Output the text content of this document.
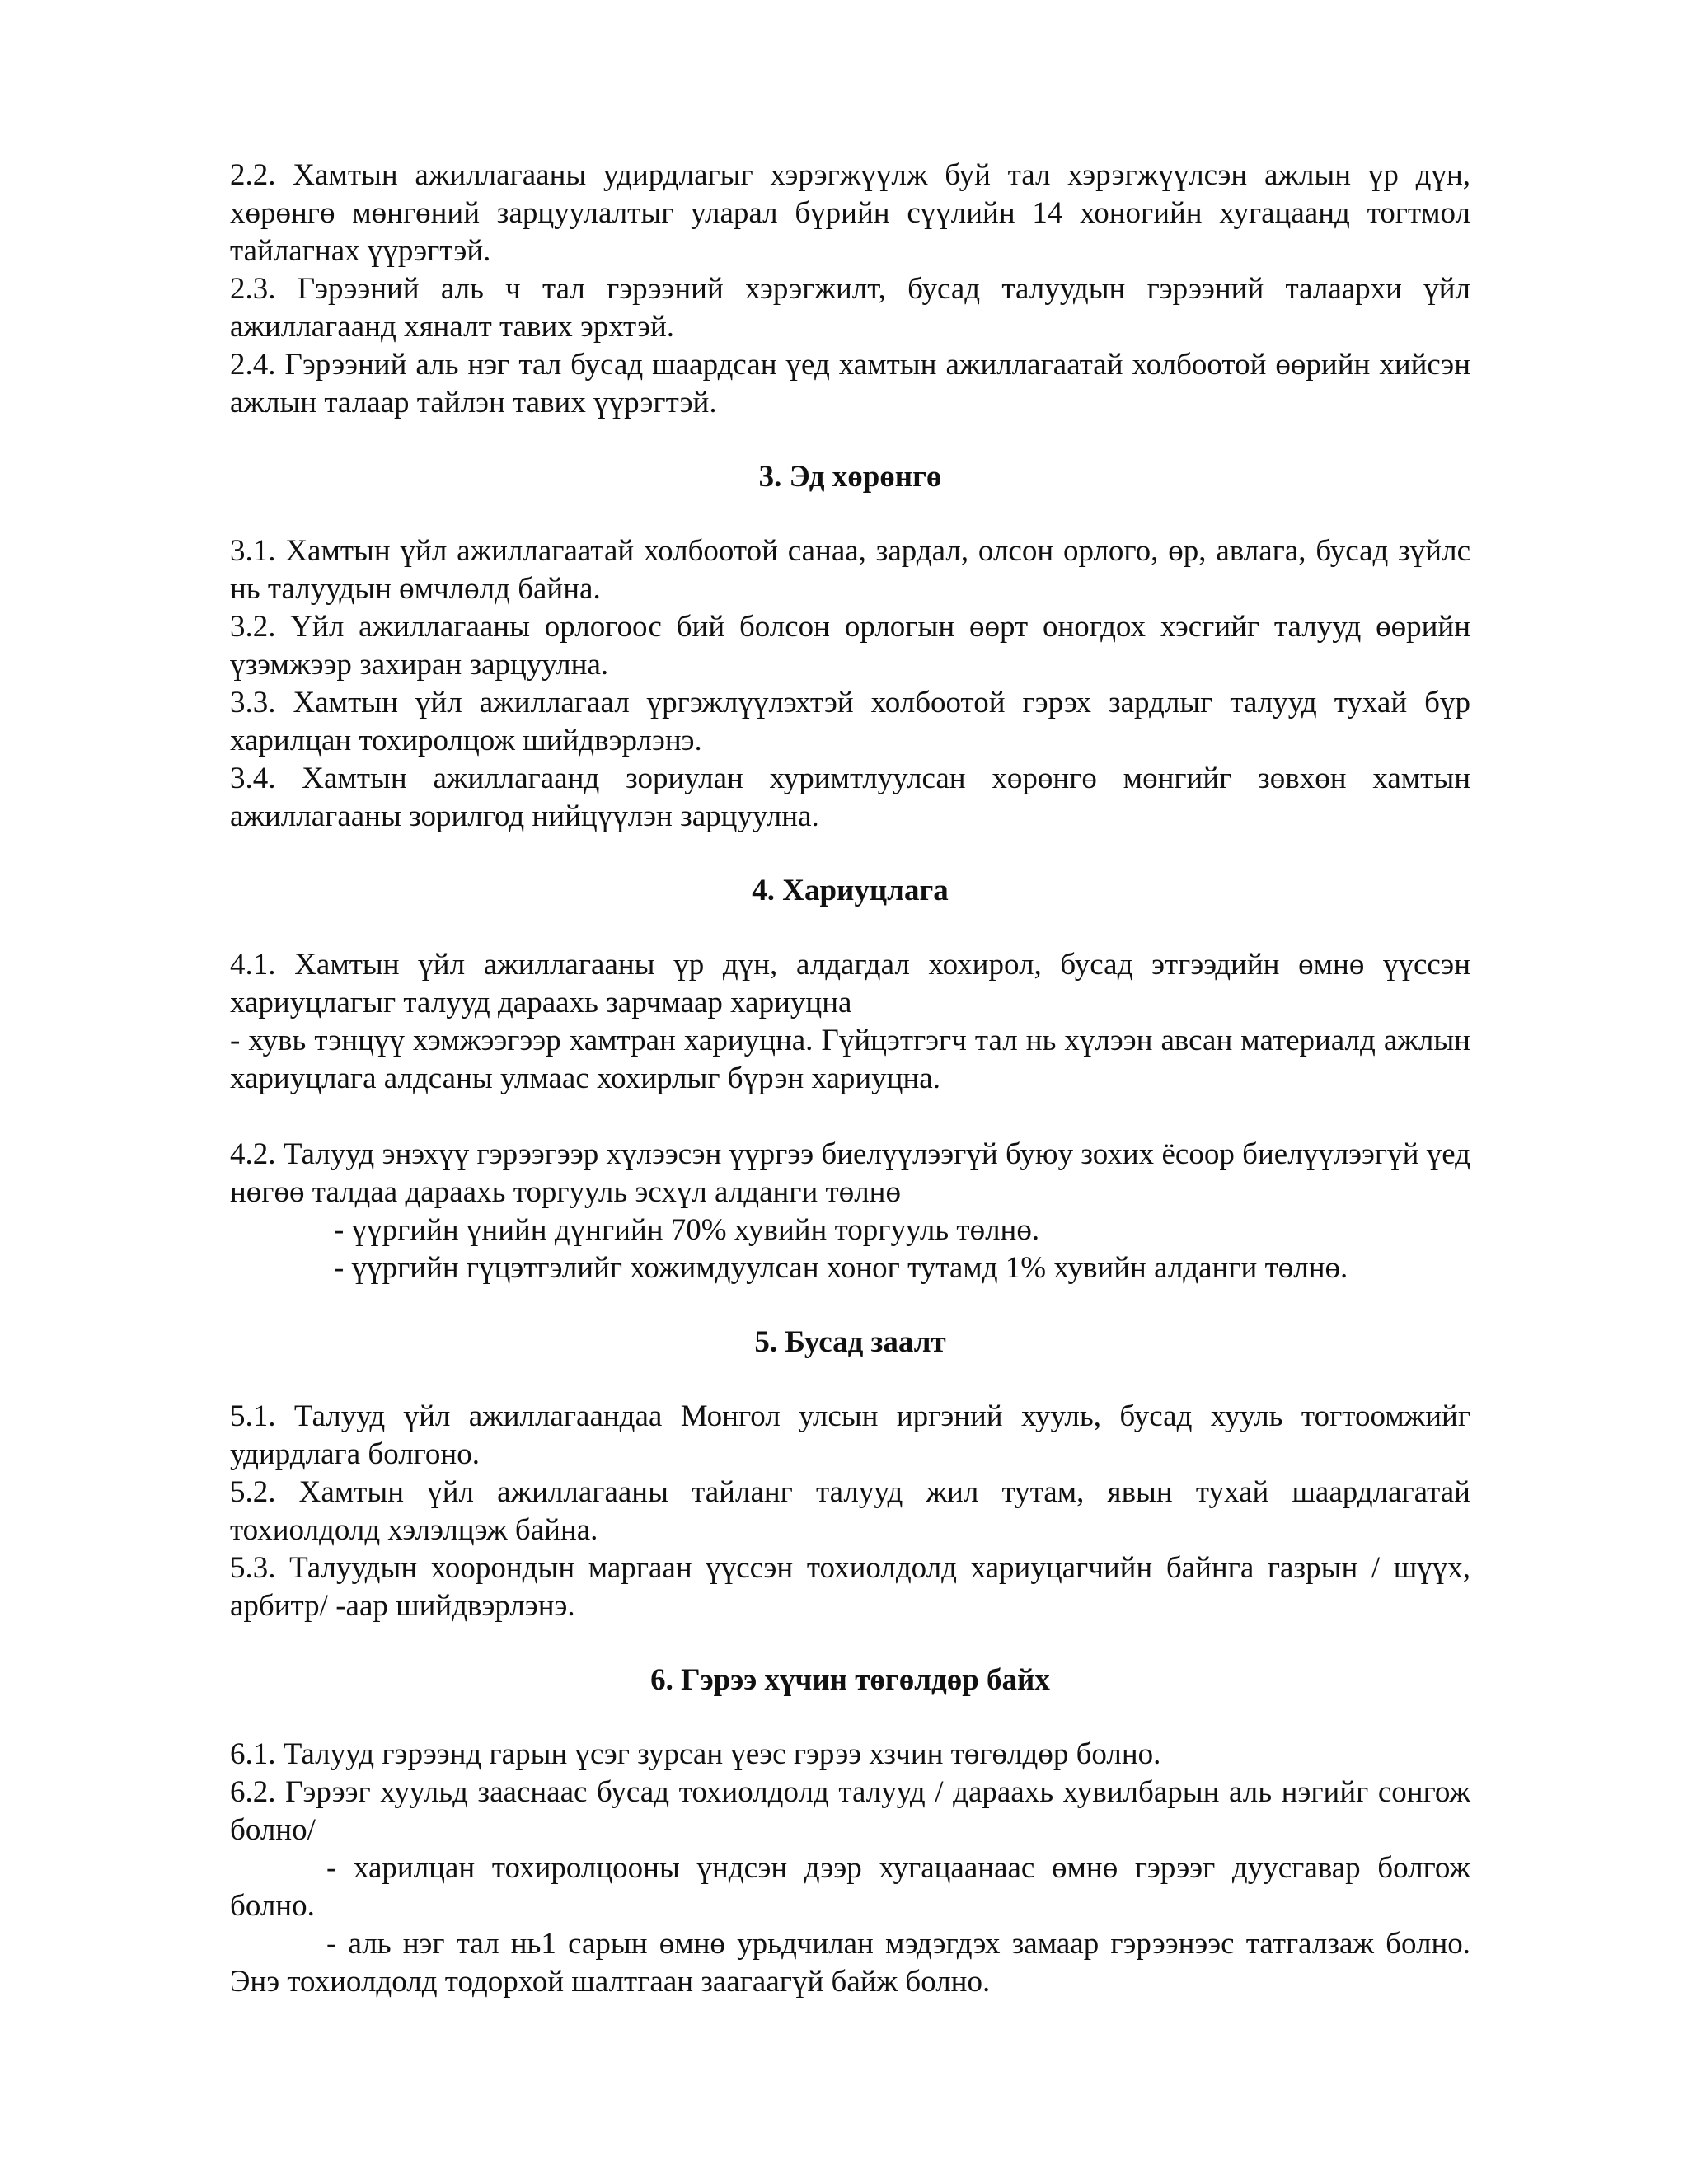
2.2. Хамтын ажиллагааны удирдлагыг хэрэгжүүлж буй тал хэрэгжүүлсэн ажлын үр дүн, хөрөнгө мөнгөний зарцуулалтыг уларал бүрийн сүүлийн 14 хоногийн хугацаанд тогтмол тайлагнах үүрэгтэй.

2.3. Гэрээний аль ч тал гэрээний хэрэгжилт, бусад талуудын гэрээний талаархи үйл ажиллагаанд хяналт тавих эрхтэй.

2.4. Гэрээний аль нэг тал бусад шаардсан үед хамтын ажиллагаатай холбоотой өөрийн хийсэн ажлын талаар тайлэн тавих үүрэгтэй.

3. Эд хөрөнгө

3.1. Хамтын үйл ажиллагаатай холбоотой санаа, зардал, олсон орлого, өр, авлага, бусад зүйлс нь талуудын өмчлөлд байна.

3.2. Үйл ажиллагааны орлогоос бий болсон орлогын өөрт оногдох хэсгийг талууд өөрийн үзэмжээр захиран зарцуулна.

3.3. Хамтын үйл ажиллагаал үргэжлүүлэхтэй холбоотой гэрэх зардлыг талууд тухай бүр харилцан тохиролцож шийдвэрлэнэ.

3.4. Хамтын ажиллагаанд зориулан хуримтлуулсан хөрөнгө мөнгийг зөвхөн хамтын ажиллагааны зорилгод нийцүүлэн зарцуулна.

4. Хариуцлага

4.1. Хамтын үйл ажиллагааны үр дүн, алдагдал хохирол, бусад этгээдийн өмнө үүссэн хариуцлагыг талууд дараахь зарчмаар хариуцна

- хувь тэнцүү хэмжээгээр хамтран хариуцна. Гүйцэтгэгч тал нь хүлээн авсан материалд ажлын хариуцлага алдсаны улмаас хохирлыг бүрэн хариуцна.

4.2. Талууд энэхүү гэрээгээр хүлээсэн үүргээ биелүүлээгүй буюу зохих ёсоор биелүүлээгүй үед нөгөө талдаа дараахь торгууль эсхүл алданги төлнө

- үүргийн үнийн дүнгийн 70% хувийн торгууль төлнө.

- үүргийн гүцэтгэлийг хожимдуулсан хоног тутамд 1% хувийн алданги төлнө.

5. Бусад заалт

5.1. Талууд үйл ажиллагаандаа Монгол улсын иргэний хууль, бусад хууль тогтоомжийг удирдлага болгоно.

5.2. Хамтын үйл ажиллагааны тайланг талууд жил тутам, явын тухай шаардлагатай тохиолдолд хэлэлцэж байна.

5.3. Талуудын хоорондын маргаан үүссэн тохиолдолд хариуцагчийн байнга газрын / шүүх, арбитр/ -аар шийдвэрлэнэ.

6. Гэрээ хүчин төгөлдөр байх

6.1. Талууд гэрээнд гарын үсэг зурсан үеэс гэрээ хзчин төгөлдөр болно.

6.2. Гэрээг хуульд зааснаас бусад тохиолдолд талууд / дараахь хувилбарын аль нэгийг сонгож болно/

- харилцан тохиролцооны үндсэн дээр хугацаанаас өмнө гэрээг дуусгавар болгож болно.

- аль нэг тал нь1 сарын өмнө урьдчилан мэдэгдэх замаар гэрээнээс татгалзаж болно. Энэ тохиолдолд тодорхой шалтгаан заагаагүй байж болно.
